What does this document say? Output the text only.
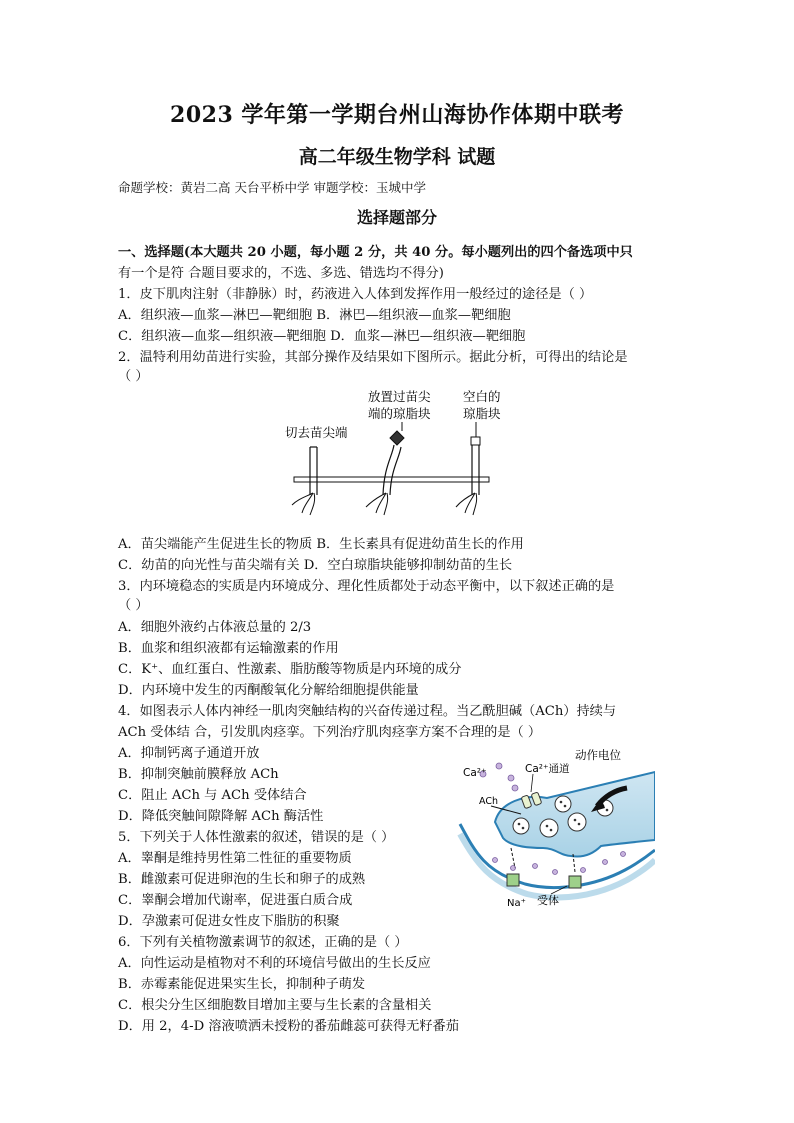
2023 学年第一学期台州山海协作体期中联考
高二年级生物学科 试题
命题学校：黄岩二高 天台平桥中学 审题学校：玉城中学
选择题部分
一、选择题(本大题共 20 小题，每小题 2 分，共 40 分。每小题列出的四个备选项中只
有一个是符 合题目要求的，不选、多选、错选均不得分)
1．皮下肌肉注射（非静脉）时，药液进入人体到发挥作用一般经过的途径是（ ）
A．组织液—血浆—淋巴—靶细胞 B．淋巴—组织液—血浆—靶细胞
C．组织液—血浆—组织液—靶细胞 D．血浆—淋巴—组织液—靶细胞
2．温特利用幼苗进行实验，其部分操作及结果如下图所示。据此分析，可得出的结论是
（ ）
切去苗尖端
放置过苗尖
端的琼脂块
空白的
琼脂块
A．苗尖端能产生促进生长的物质 B．生长素具有促进幼苗生长的作用
C．幼苗的向光性与苗尖端有关 D．空白琼脂块能够抑制幼苗的生长
3．内环境稳态的实质是内环境成分、理化性质都处于动态平衡中，以下叙述正确的是
（ ）
A．细胞外液约占体液总量的 2/3
B．血浆和组织液都有运输激素的作用
C．K⁺、血红蛋白、性激素、脂肪酸等物质是内环境的成分
D．内环境中发生的丙酮酸氧化分解给细胞提供能量
4．如图表示人体内神经一肌肉突触结构的兴奋传递过程。当乙酰胆碱（ACh）持续与
ACh 受体结 合，引发肌肉痉挛。下列治疗肌肉痉挛方案不合理的是（ ）
A．抑制钙离子通道开放
B．抑制突触前膜释放 ACh
C．阻止 ACh 与 ACh 受体结合
D．降低突触间隙降解 ACh 酶活性
Ca²⁺	Ca²⁺通道
动作电位
ACh
Na⁺ 受体
5．下列关于人体性激素的叙述，错误的是（ ）
A．睾酮是维持男性第二性征的重要物质
B．雌激素可促进卵泡的生长和卵子的成熟
C．睾酮会增加代谢率，促进蛋白质合成
D．孕激素可促进女性皮下脂肪的积聚
6．下列有关植物激素调节的叙述，正确的是（ ）
A．向性运动是植物对不利的环境信号做出的生长反应
B．赤霉素能促进果实生长，抑制种子萌发
C．根尖分生区细胞数目增加主要与生长素的含量相关
D．用 2，4-D 溶液喷洒未授粉的番茄雌蕊可获得无籽番茄
